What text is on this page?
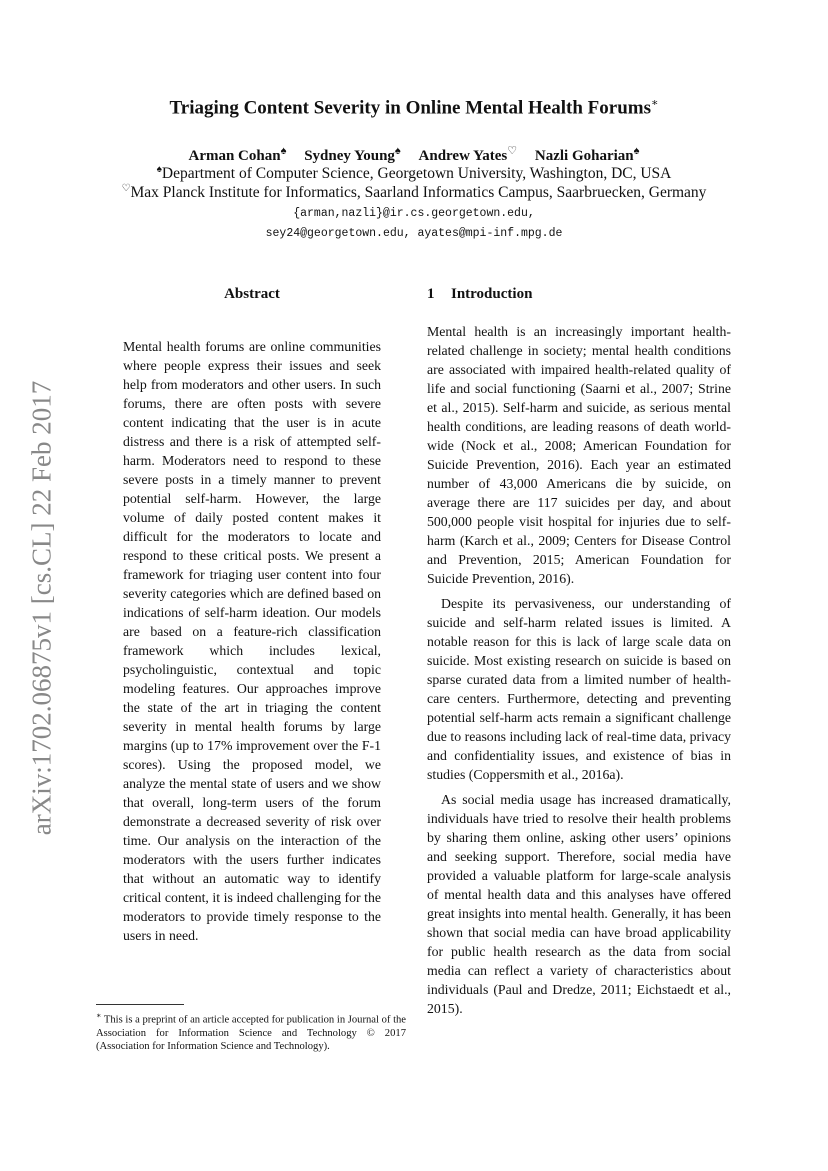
arXiv:1702.06875v1 [cs.CL] 22 Feb 2017
Triaging Content Severity in Online Mental Health Forums∗
Arman Cohan♠ Sydney Young♠ Andrew Yates♡ Nazli Goharian♠
♠Department of Computer Science, Georgetown University, Washington, DC, USA
♡Max Planck Institute for Informatics, Saarland Informatics Campus, Saarbruecken, Germany
{arman,nazli}@ir.cs.georgetown.edu,
sey24@georgetown.edu, ayates@mpi-inf.mpg.de
Abstract

Mental health forums are online communities where people express their issues and seek help from moderators and other users. In such forums, there are often posts with severe content indicating that the user is in acute distress and there is a risk of attempted self-harm. Moderators need to respond to these severe posts in a timely manner to prevent potential self-harm. However, the large volume of daily posted content makes it difficult for the moderators to locate and respond to these critical posts. We present a framework for triaging user content into four severity categories which are defined based on indications of self-harm ideation. Our models are based on a feature-rich classification framework which includes lexical, psycholinguistic, contextual and topic modeling features. Our approaches improve the state of the art in triaging the content severity in mental health forums by large margins (up to 17% improvement over the F-1 scores). Using the proposed model, we analyze the mental state of users and we show that overall, long-term users of the forum demonstrate a decreased severity of risk over time. Our analysis on the interaction of the moderators with the users further indicates that without an automatic way to identify critical content, it is indeed challenging for the moderators to provide timely response to the users in need.

1 Introduction

Mental health is an increasingly important health-related challenge in society; mental health conditions are associated with impaired health-related quality of life and social functioning (Saarni et al., 2007; Strine et al., 2015). Self-harm and suicide, as serious mental health conditions, are leading reasons of death world-wide (Nock et al., 2008; American Foundation for Suicide Prevention, 2016). Each year an estimated number of 43,000 Americans die by suicide, on average there are 117 suicides per day, and about 500,000 people visit hospital for injuries due to self-harm (Karch et al., 2009; Centers for Disease Control and Prevention, 2015; American Foundation for Suicide Prevention, 2016).

Despite its pervasiveness, our understanding of suicide and self-harm related issues is limited. A notable reason for this is lack of large scale data on suicide. Most existing research on suicide is based on sparse curated data from a limited number of health-care centers. Furthermore, detecting and preventing potential self-harm acts remain a significant challenge due to reasons including lack of real-time data, privacy and confidentiality issues, and existence of bias in studies (Coppersmith et al., 2016a).

As social media usage has increased dramatically, individuals have tried to resolve their health problems by sharing them online, asking other users’ opinions and seeking support. Therefore, social media have provided a valuable platform for large-scale analysis of mental health data and this analyses have offered great insights into mental health. Generally, it has been shown that social media can have broad applicability for public health research as the data from social media can reflect a variety of characteristics about individuals (Paul and Dredze, 2011; Eichstaedt et al., 2015).

∗ This is a preprint of an article accepted for publication in Journal of the Association for Information Science and Technology © 2017 (Association for Information Science and Technology).
